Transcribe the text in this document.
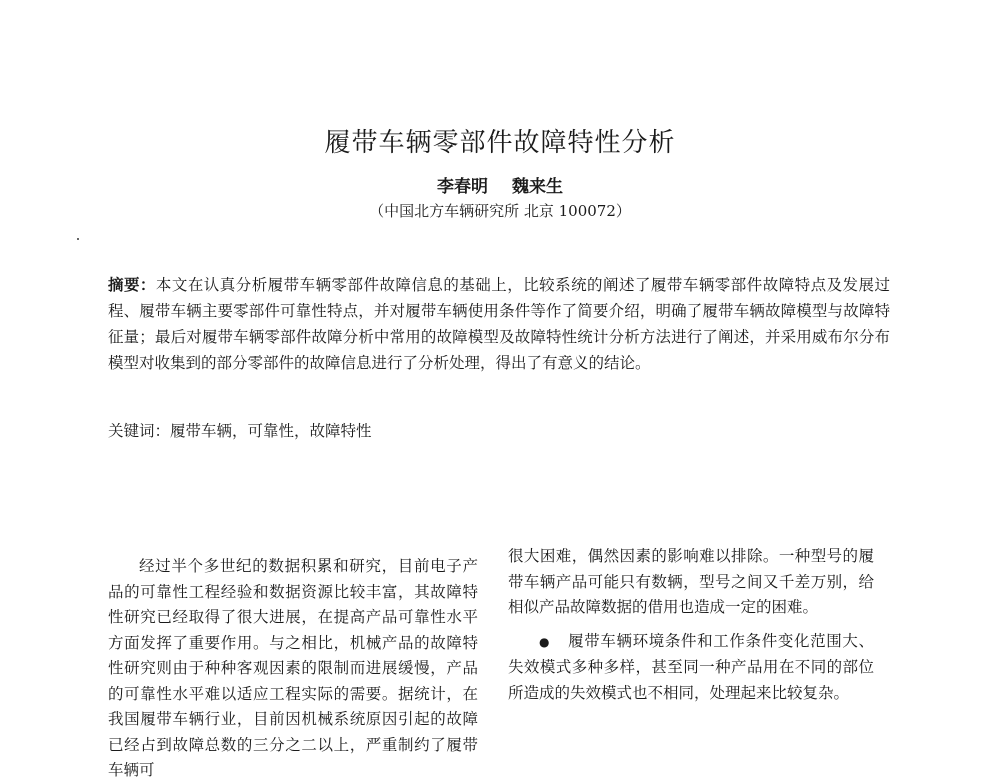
履带车辆零部件故障特性分析
李春明 魏来生
（中国北方车辆研究所 北京 100072）
摘要：本文在认真分析履带车辆零部件故障信息的基础上，比较系统的阐述了履带车辆零部件故障特点及发展过程、履带车辆主要零部件可靠性特点，并对履带车辆使用条件等作了简要介绍，明确了履带车辆故障模型与故障特征量；最后对履带车辆零部件故障分析中常用的故障模型及故障特性统计分析方法进行了阐述，并采用威布尔分布模型对收集到的部分零部件的故障信息进行了分析处理，得出了有意义的结论。
关键词：履带车辆，可靠性，故障特性
经过半个多世纪的数据积累和研究，目前电子产品的可靠性工程经验和数据资源比较丰富，其故障特性研究已经取得了很大进展，在提高产品可靠性水平方面发挥了重要作用。与之相比，机械产品的故障特性研究则由于种种客观因素的限制而进展缓慢，产品的可靠性水平难以适应工程实际的需要。据统计，在我国履带车辆行业，目前因机械系统原因引起的故障已经占到故障总数的三分之二以上，严重制约了履带车辆可
很大困难，偶然因素的影响难以排除。一种型号的履带车辆产品可能只有数辆，型号之间又千差万别，给相似产品故障数据的借用也造成一定的困难。
● 履带车辆环境条件和工作条件变化范围大、失效模式多种多样，甚至同一种产品用在不同的部位所造成的失效模式也不相同，处理起来比较复杂。
